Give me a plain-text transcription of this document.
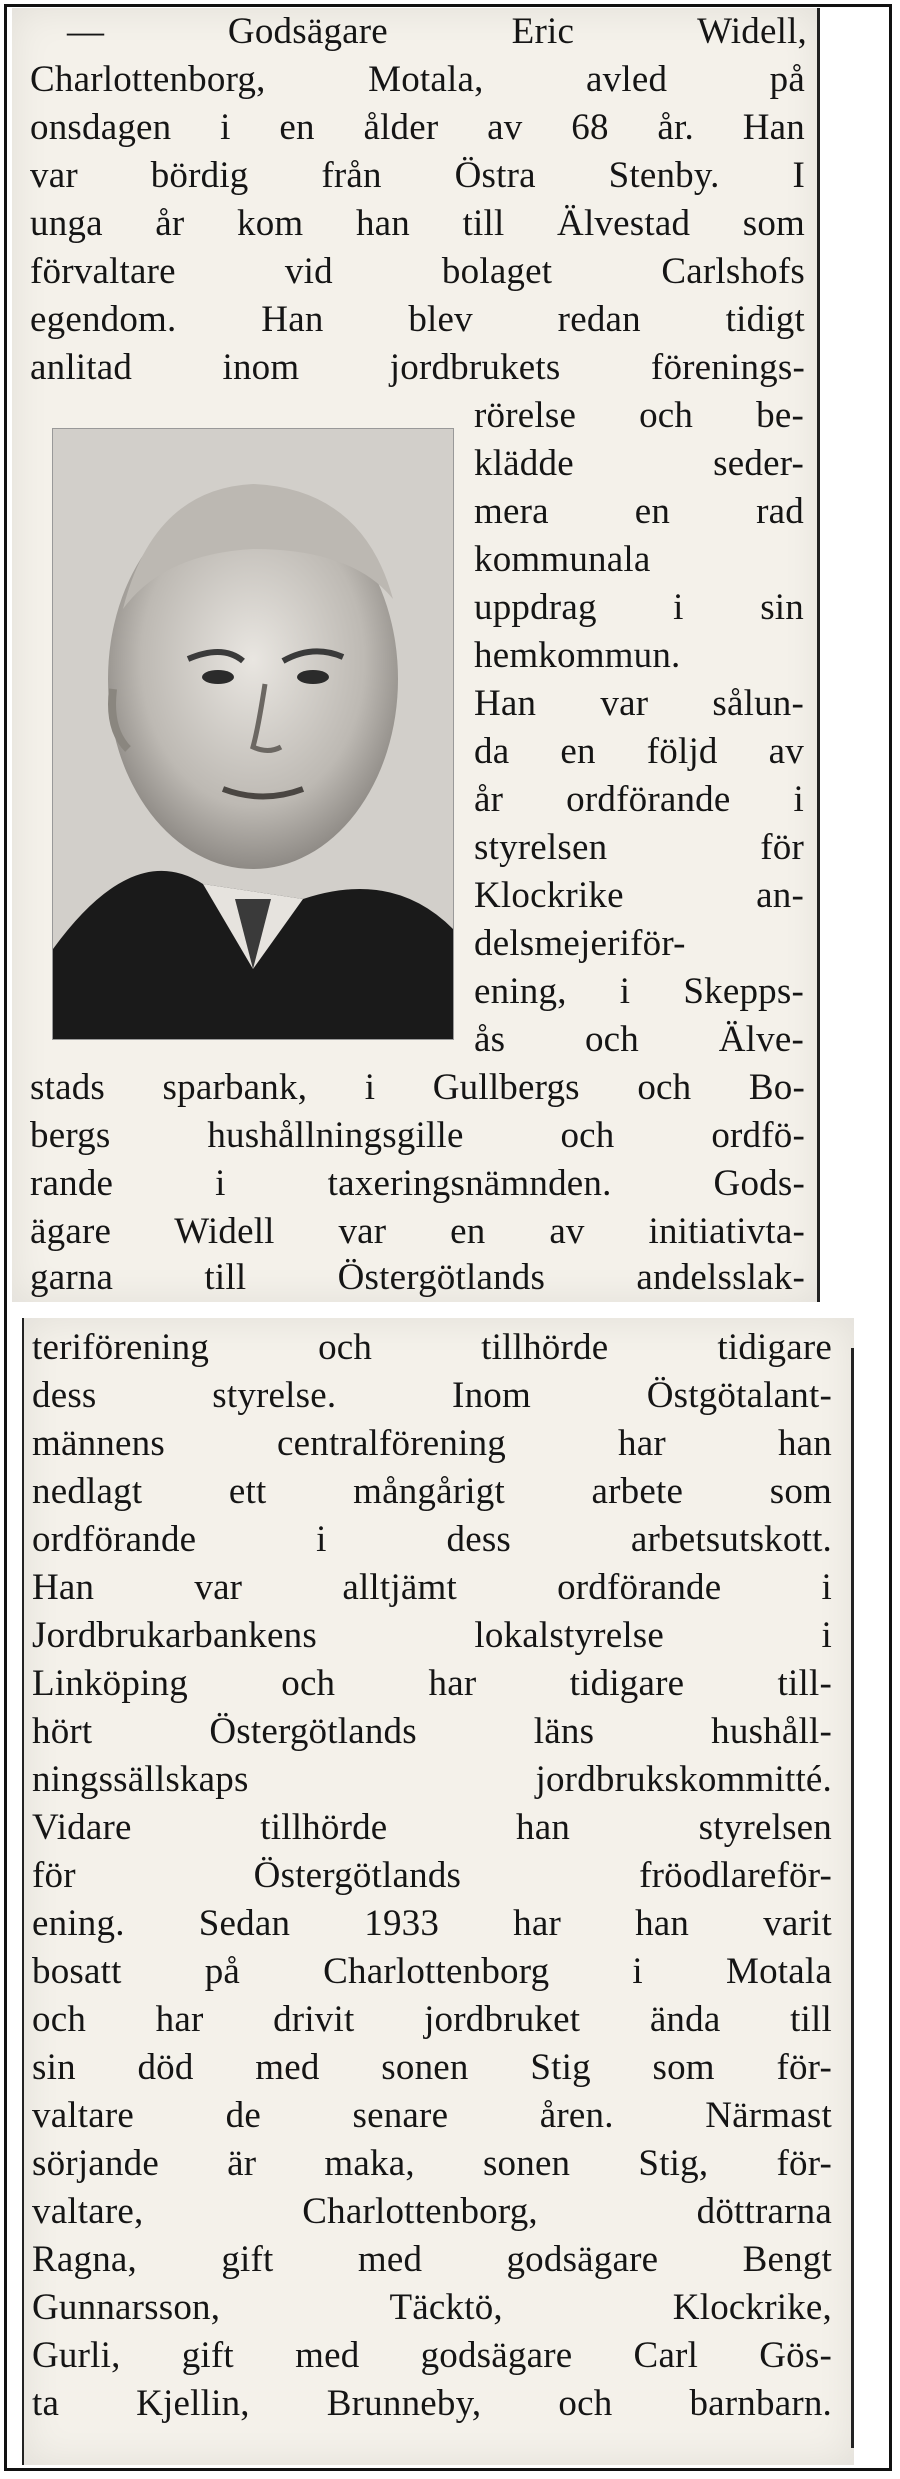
— Godsägare Eric Widell,
Charlottenborg, Motala, avled på
onsdagen i en ålder av 68 år. Han
var bördig från Östra Stenby. I
unga år kom han till Älvestad som
förvaltare vid bolaget Carlshofs
egendom. Han blev redan tidigt
anlitad inom jordbrukets förenings-
rörelse och be-
klädde seder-
mera en rad
kommunala
uppdrag i sin
hemkommun.
Han var sålun-
da en följd av
år ordförande i
styrelsen för
Klockrike an-
delsmejeriför-
ening, i Skepps-
ås och Älve-
stads sparbank, i Gullbergs och Bo-
bergs hushållningsgille och ordfö-
rande i taxeringsnämnden. Gods-
ägare Widell var en av initiativta-
garna till Östergötlands andelsslak-
teriförening och tillhörde tidigare
dess styrelse. Inom Östgötalant-
männens centralförening har han
nedlagt ett mångårigt arbete som
ordförande i dess arbetsutskott.
Han var alltjämt ordförande i
Jordbrukarbankens lokalstyrelse i
Linköping och har tidigare till-
hört Östergötlands läns hushåll-
ningssällskaps jordbrukskommitté.
Vidare tillhörde han styrelsen
för Östergötlands fröodlareför-
ening. Sedan 1933 har han varit
bosatt på Charlottenborg i Motala
och har drivit jordbruket ända till
sin död med sonen Stig som för-
valtare de senare åren. Närmast
sörjande är maka, sonen Stig, för-
valtare, Charlottenborg, döttrarna
Ragna, gift med godsägare Bengt
Gunnarsson, Täcktö, Klockrike,
Gurli, gift med godsägare Carl Gös-
ta Kjellin, Brunneby, och barnbarn.
